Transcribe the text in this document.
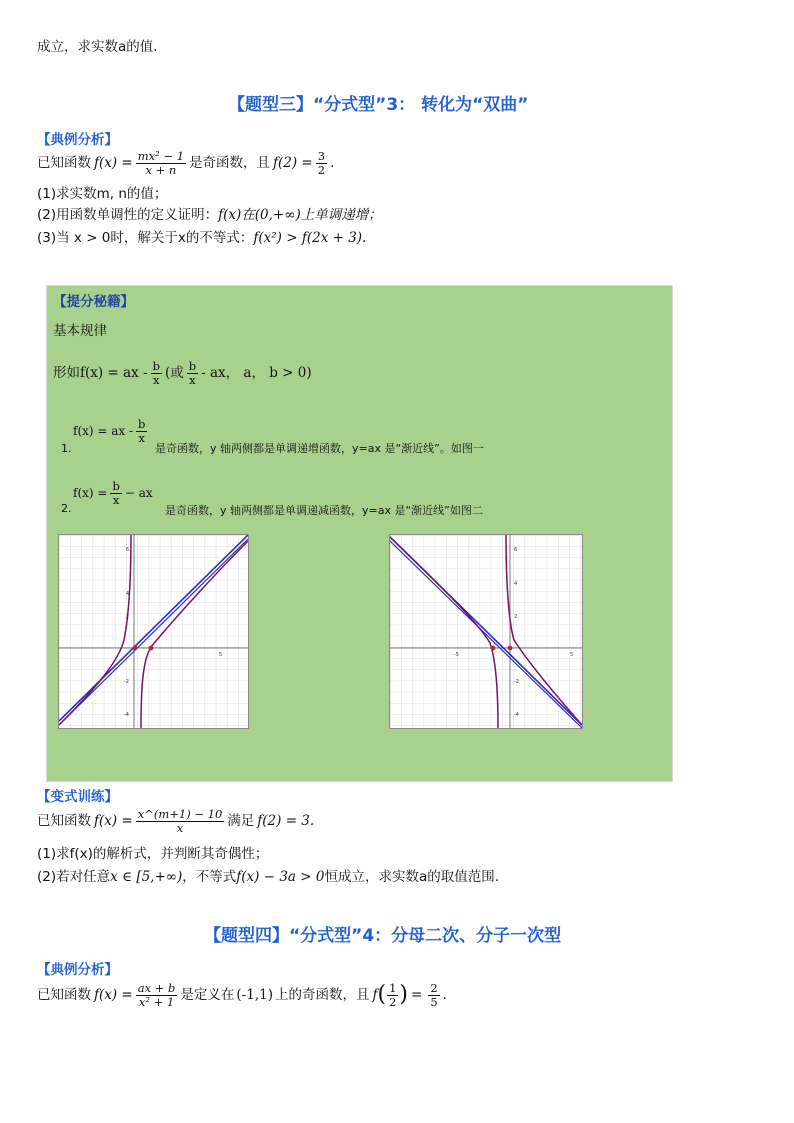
成立，求实数a的值．
【题型三】“分式型”3： 转化为“双曲”
【典例分析】
已知函数 $f(x) = \frac{\text{mx² − 1}}{x + n}$ 是奇函数，且 $f(2) = \frac{3}{2}$ .
(1)求实数m, n的值；
(2)用函数单调性的定义证明：f(x)在(0,+∞)上单调递增；
(3)当 x > 0时，解关于x的不等式：f(x²) > f(2x + 3).
【提分秘籍】
基本规律
形如f(x) = ax - $\frac{b}{x}$ (或 $\frac{b}{x}$ - ax， a， b > 0)
f(x) = ax - $\frac{b}{x}$
1.	是奇函数，y 轴两侧都是单调递增函数，y=ax 是“渐近线”。如图一
$f(x) = \frac{b}{x}$ − ax
2.	是奇函数，y 轴两侧都是单调递减函数，y=ax 是“渐近线”如图二
6
4
2
-2
-4
5
6
4
2
-2
-4
-5	5
【变式训练】
已知函数 $f(x) = \frac{x\^{}(m+1) - 10}{x}$ 满足 f(2) = 3.
(1)求f(x)的解析式，并判断其奇偶性；
(2)若对任意x ∈ [5,+∞)，不等式f(x) − 3a > 0恒成立，求实数a的取值范围.
【题型四】“分式型”4：分母二次、分子一次型
【典例分析】
已知函数 $f(x) = \frac{ax + b}{\text{x² + 1}}$ 是定义在 (-1,1) 上的奇函数，且 f ( $\frac{1}{2}$ ) = $\frac{2}{5}$ .
